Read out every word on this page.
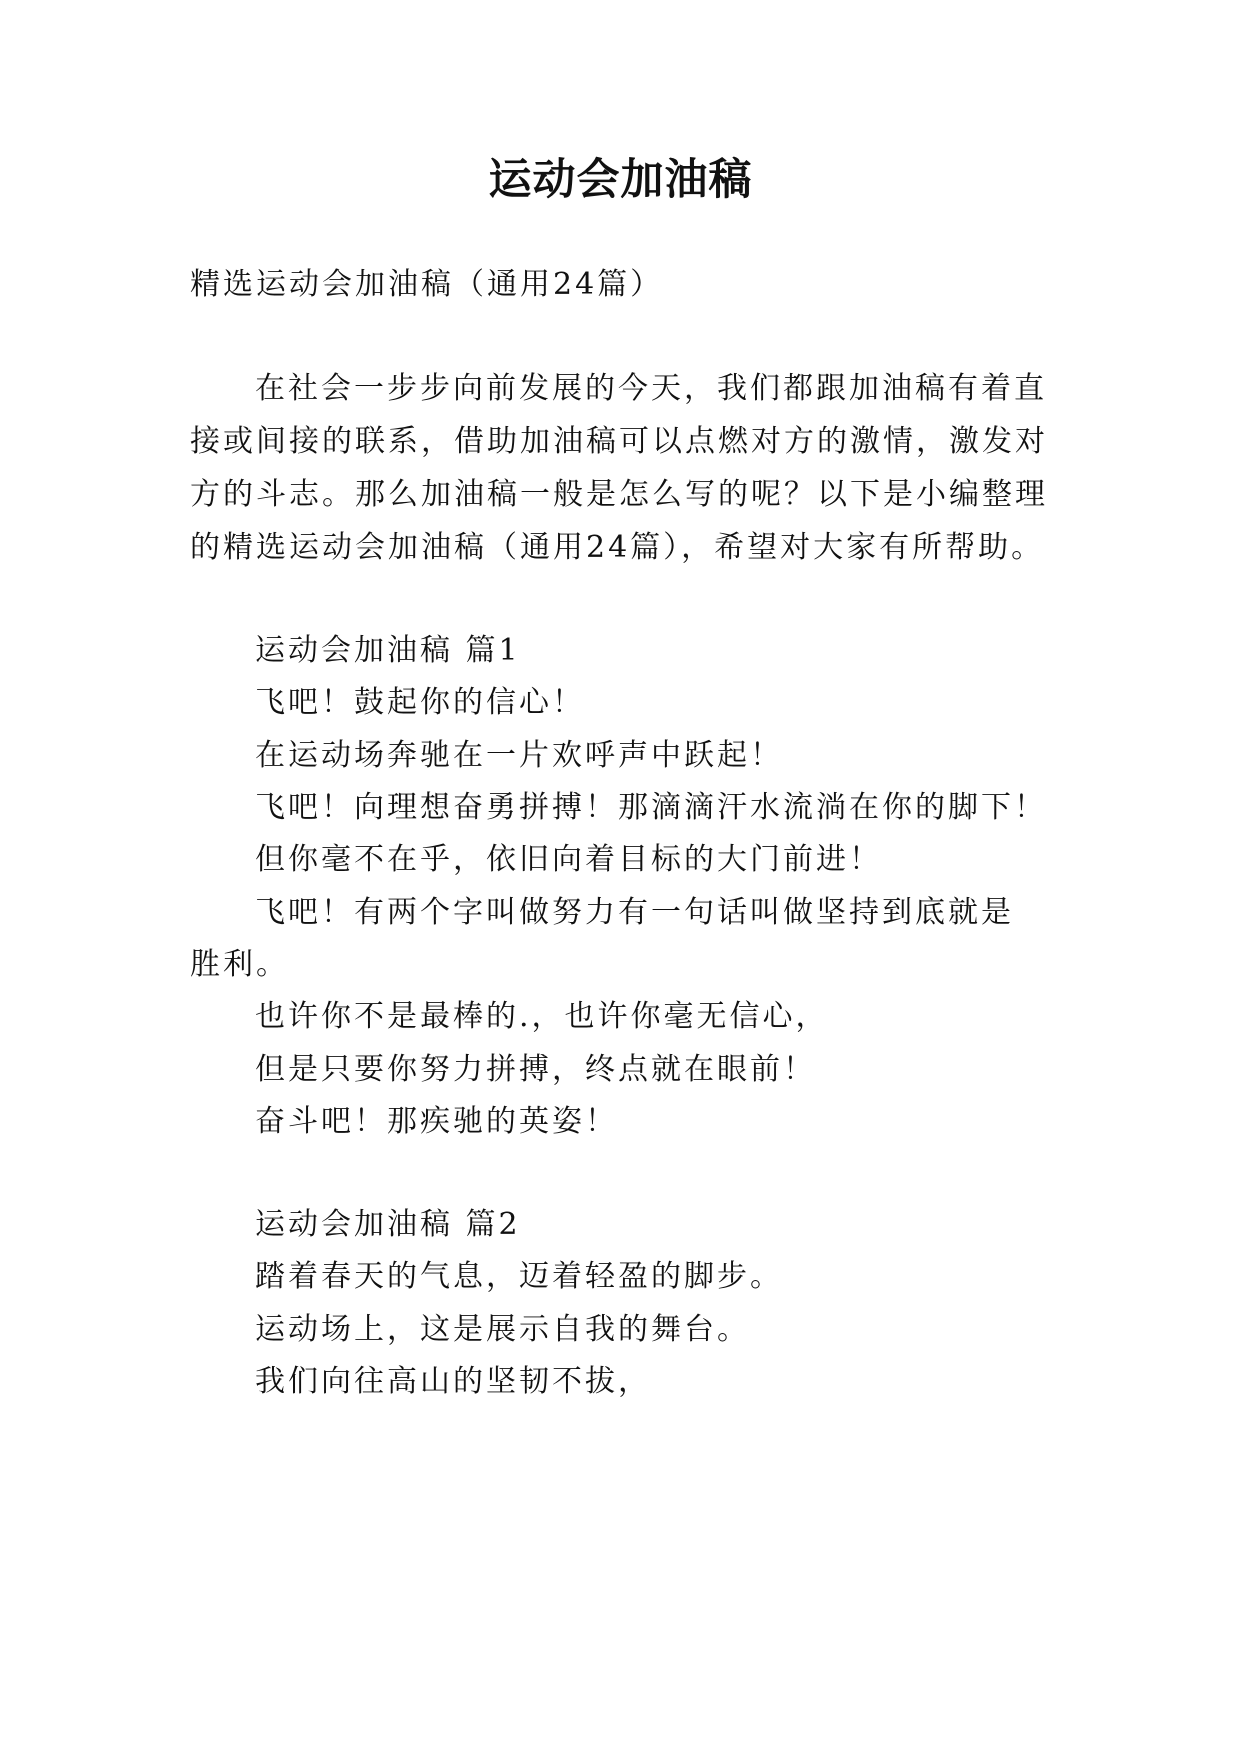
运动会加油稿
精选运动会加油稿（通用24篇）
在社会一步步向前发展的今天，我们都跟加油稿有着直
接或间接的联系，借助加油稿可以点燃对方的激情，激发对
方的斗志。那么加油稿一般是怎么写的呢？以下是小编整理
的精选运动会加油稿（通用24篇），希望对大家有所帮助。
运动会加油稿 篇1
飞吧！鼓起你的信心！
在运动场奔驰在一片欢呼声中跃起！
飞吧！向理想奋勇拼搏！那滴滴汗水流淌在你的脚下！
但你毫不在乎，依旧向着目标的大门前进！
飞吧！有两个字叫做努力有一句话叫做坚持到底就是
胜利。
也许你不是最棒的.，也许你毫无信心，
但是只要你努力拼搏，终点就在眼前！
奋斗吧！那疾驰的英姿！
运动会加油稿 篇2
踏着春天的气息，迈着轻盈的脚步。
运动场上，这是展示自我的舞台。
我们向往高山的坚韧不拔，
